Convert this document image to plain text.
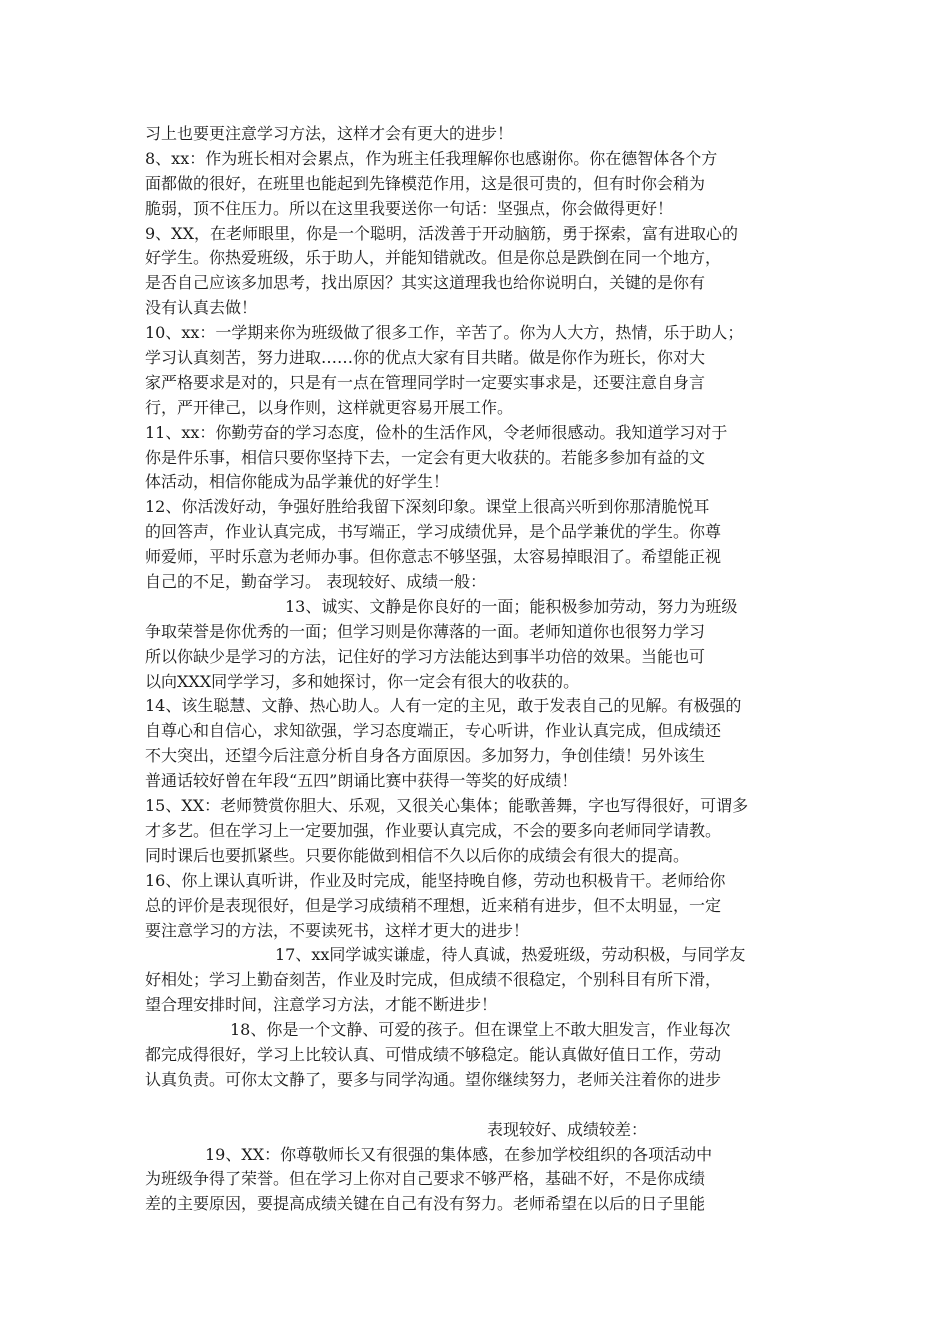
习上也要更注意学习方法，这样才会有更大的进步！

8、xx：作为班长相对会累点，作为班主任我理解你也感谢你。你在德智体各个方

面都做的很好，在班里也能起到先锋模范作用，这是很可贵的，但有时你会稍为

脆弱，顶不住压力。所以在这里我要送你一句话：坚强点，你会做得更好！

9、XX，在老师眼里，你是一个聪明，活泼善于开动脑筋，勇于探索，富有进取心的

好学生。你热爱班级，乐于助人，并能知错就改。但是你总是跌倒在同一个地方，

是否自己应该多加思考，找出原因？其实这道理我也给你说明白，关键的是你有

没有认真去做！

10、xx：一学期来你为班级做了很多工作，辛苦了。你为人大方，热情，乐于助人；

学习认真刻苦，努力进取……你的优点大家有目共睹。做是你作为班长，你对大

家严格要求是对的，只是有一点在管理同学时一定要实事求是，还要注意自身言

行，严开律己，以身作则，这样就更容易开展工作。

11、xx：你勤劳奋的学习态度，俭朴的生活作风，令老师很感动。我知道学习对于

你是件乐事，相信只要你坚持下去，一定会有更大收获的。若能多参加有益的文

体活动，相信你能成为品学兼优的好学生！

12、你活泼好动，争强好胜给我留下深刻印象。课堂上很高兴听到你那清脆悦耳

的回答声，作业认真完成，书写端正，学习成绩优异，是个品学兼优的学生。你尊

师爱师，平时乐意为老师办事。但你意志不够坚强，太容易掉眼泪了。希望能正视

自己的不足，勤奋学习。 表现较好、成绩一般：

13、诚实、文静是你良好的一面；能积极参加劳动，努力为班级

争取荣誉是你优秀的一面；但学习则是你薄落的一面。老师知道你也很努力学习

所以你缺少是学习的方法，记住好的学习方法能达到事半功倍的效果。当能也可

以向XXX同学学习，多和她探讨，你一定会有很大的收获的。

14、该生聪慧、文静、热心助人。人有一定的主见，敢于发表自己的见解。有极强的

自尊心和自信心，求知欲强，学习态度端正，专心听讲，作业认真完成，但成绩还

不大突出，还望今后注意分析自身各方面原因。多加努力，争创佳绩！另外该生

普通话较好曾在年段“五四”朗诵比赛中获得一等奖的好成绩！

15、XX：老师赞赏你胆大、乐观，又很关心集体；能歌善舞，字也写得很好，可谓多

才多艺。但在学习上一定要加强，作业要认真完成，不会的要多向老师同学请教。

同时课后也要抓紧些。只要你能做到相信不久以后你的成绩会有很大的提高。

16、你上课认真听讲，作业及时完成，能坚持晚自修，劳动也积极肯干。老师给你

总的评价是表现很好，但是学习成绩稍不理想，近来稍有进步，但不太明显，一定

要注意学习的方法，不要读死书，这样才更大的进步！

17、xx同学诚实谦虚，待人真诚，热爱班级，劳动积极，与同学友

好相处；学习上勤奋刻苦，作业及时完成，但成绩不很稳定，个别科目有所下滑，

望合理安排时间，注意学习方法，才能不断进步！

18、你是一个文静、可爱的孩子。但在课堂上不敢大胆发言，作业每次

都完成得很好，学习上比较认真、可惜成绩不够稳定。能认真做好值日工作，劳动

认真负责。可你太文静了，要多与同学沟通。望你继续努力，老师关注着你的进步

表现较好、成绩较差：

19、XX：你尊敬师长又有很强的集体感，在参加学校组织的各项活动中

为班级争得了荣誉。但在学习上你对自己要求不够严格，基础不好，不是你成绩

差的主要原因，要提高成绩关键在自己有没有努力。老师希望在以后的日子里能
